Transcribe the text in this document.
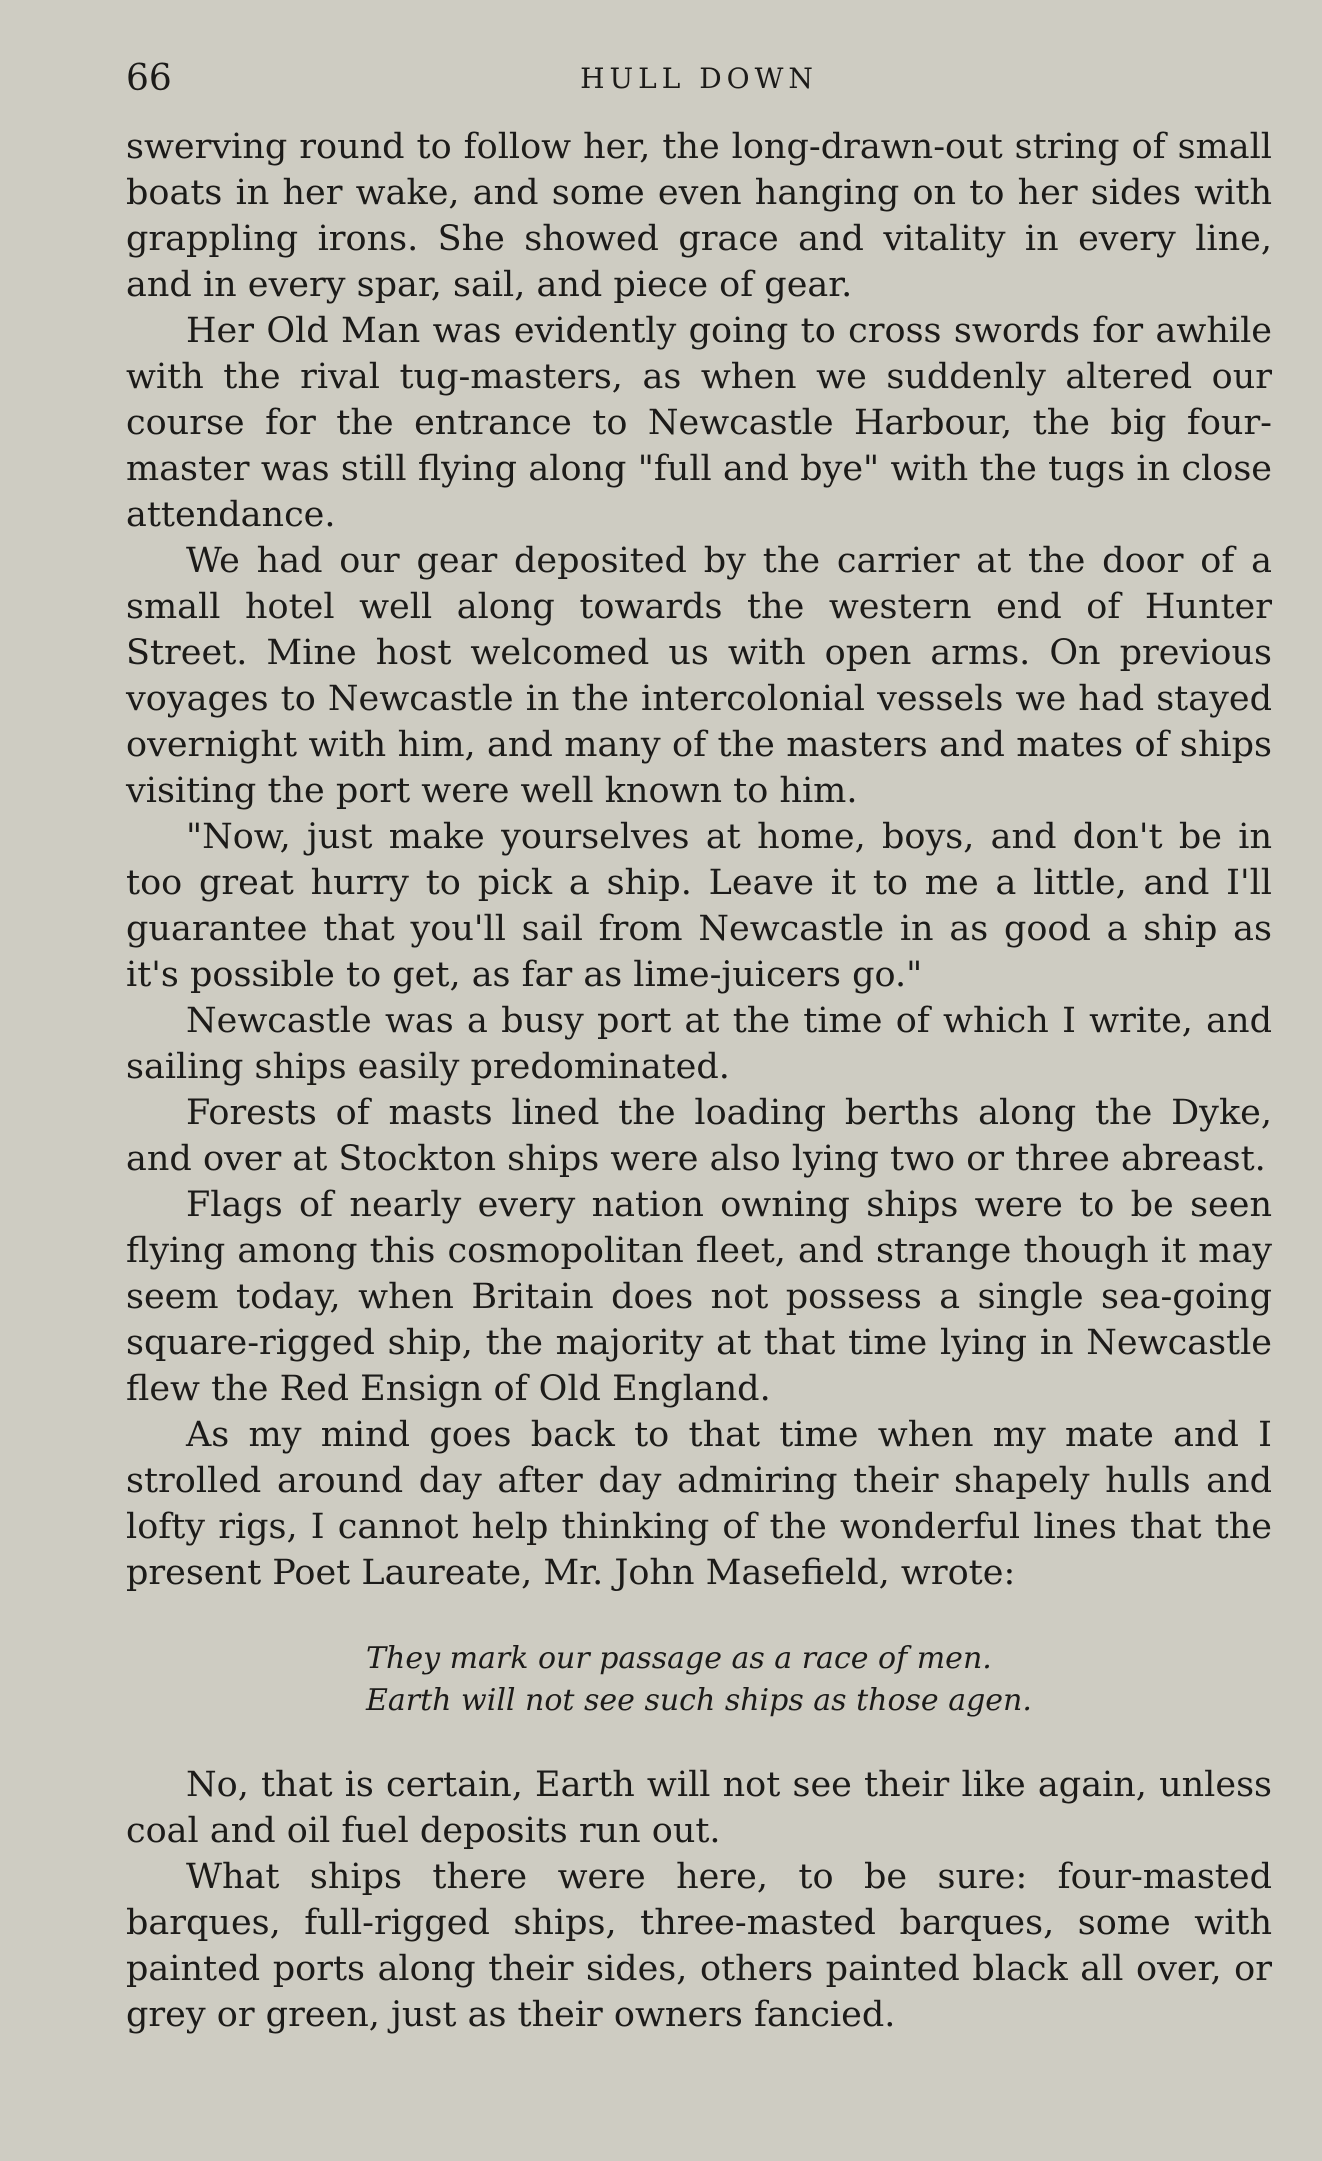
66	HULL DOWN

swerving round to follow her, the long-drawn-out string of small boats in her wake, and some even hanging on to her sides with grappling irons. She showed grace and vitality in every line, and in every spar, sail, and piece of gear.

Her Old Man was evidently going to cross swords for awhile with the rival tug-masters, as when we suddenly altered our course for the entrance to Newcastle Harbour, the big four-master was still flying along "full and bye" with the tugs in close attendance.

We had our gear deposited by the carrier at the door of a small hotel well along towards the western end of Hunter Street. Mine host welcomed us with open arms. On previous voyages to Newcastle in the intercolonial vessels we had stayed overnight with him, and many of the masters and mates of ships visiting the port were well known to him.

"Now, just make yourselves at home, boys, and don't be in too great hurry to pick a ship. Leave it to me a little, and I'll guarantee that you'll sail from Newcastle in as good a ship as it's possible to get, as far as lime-juicers go."

Newcastle was a busy port at the time of which I write, and sailing ships easily predominated.

Forests of masts lined the loading berths along the Dyke, and over at Stockton ships were also lying two or three abreast.

Flags of nearly every nation owning ships were to be seen flying among this cosmopolitan fleet, and strange though it may seem today, when Britain does not possess a single sea-going square-rigged ship, the majority at that time lying in Newcastle flew the Red Ensign of Old England.

As my mind goes back to that time when my mate and I strolled around day after day admiring their shapely hulls and lofty rigs, I cannot help thinking of the wonderful lines that the present Poet Laureate, Mr. John Masefield, wrote:

They mark our passage as a race of men.
Earth will not see such ships as those agen.

No, that is certain, Earth will not see their like again, unless coal and oil fuel deposits run out.

What ships there were here, to be sure: four-masted barques, full-rigged ships, three-masted barques, some with painted ports along their sides, others painted black all over, or grey or green, just as their owners fancied.
